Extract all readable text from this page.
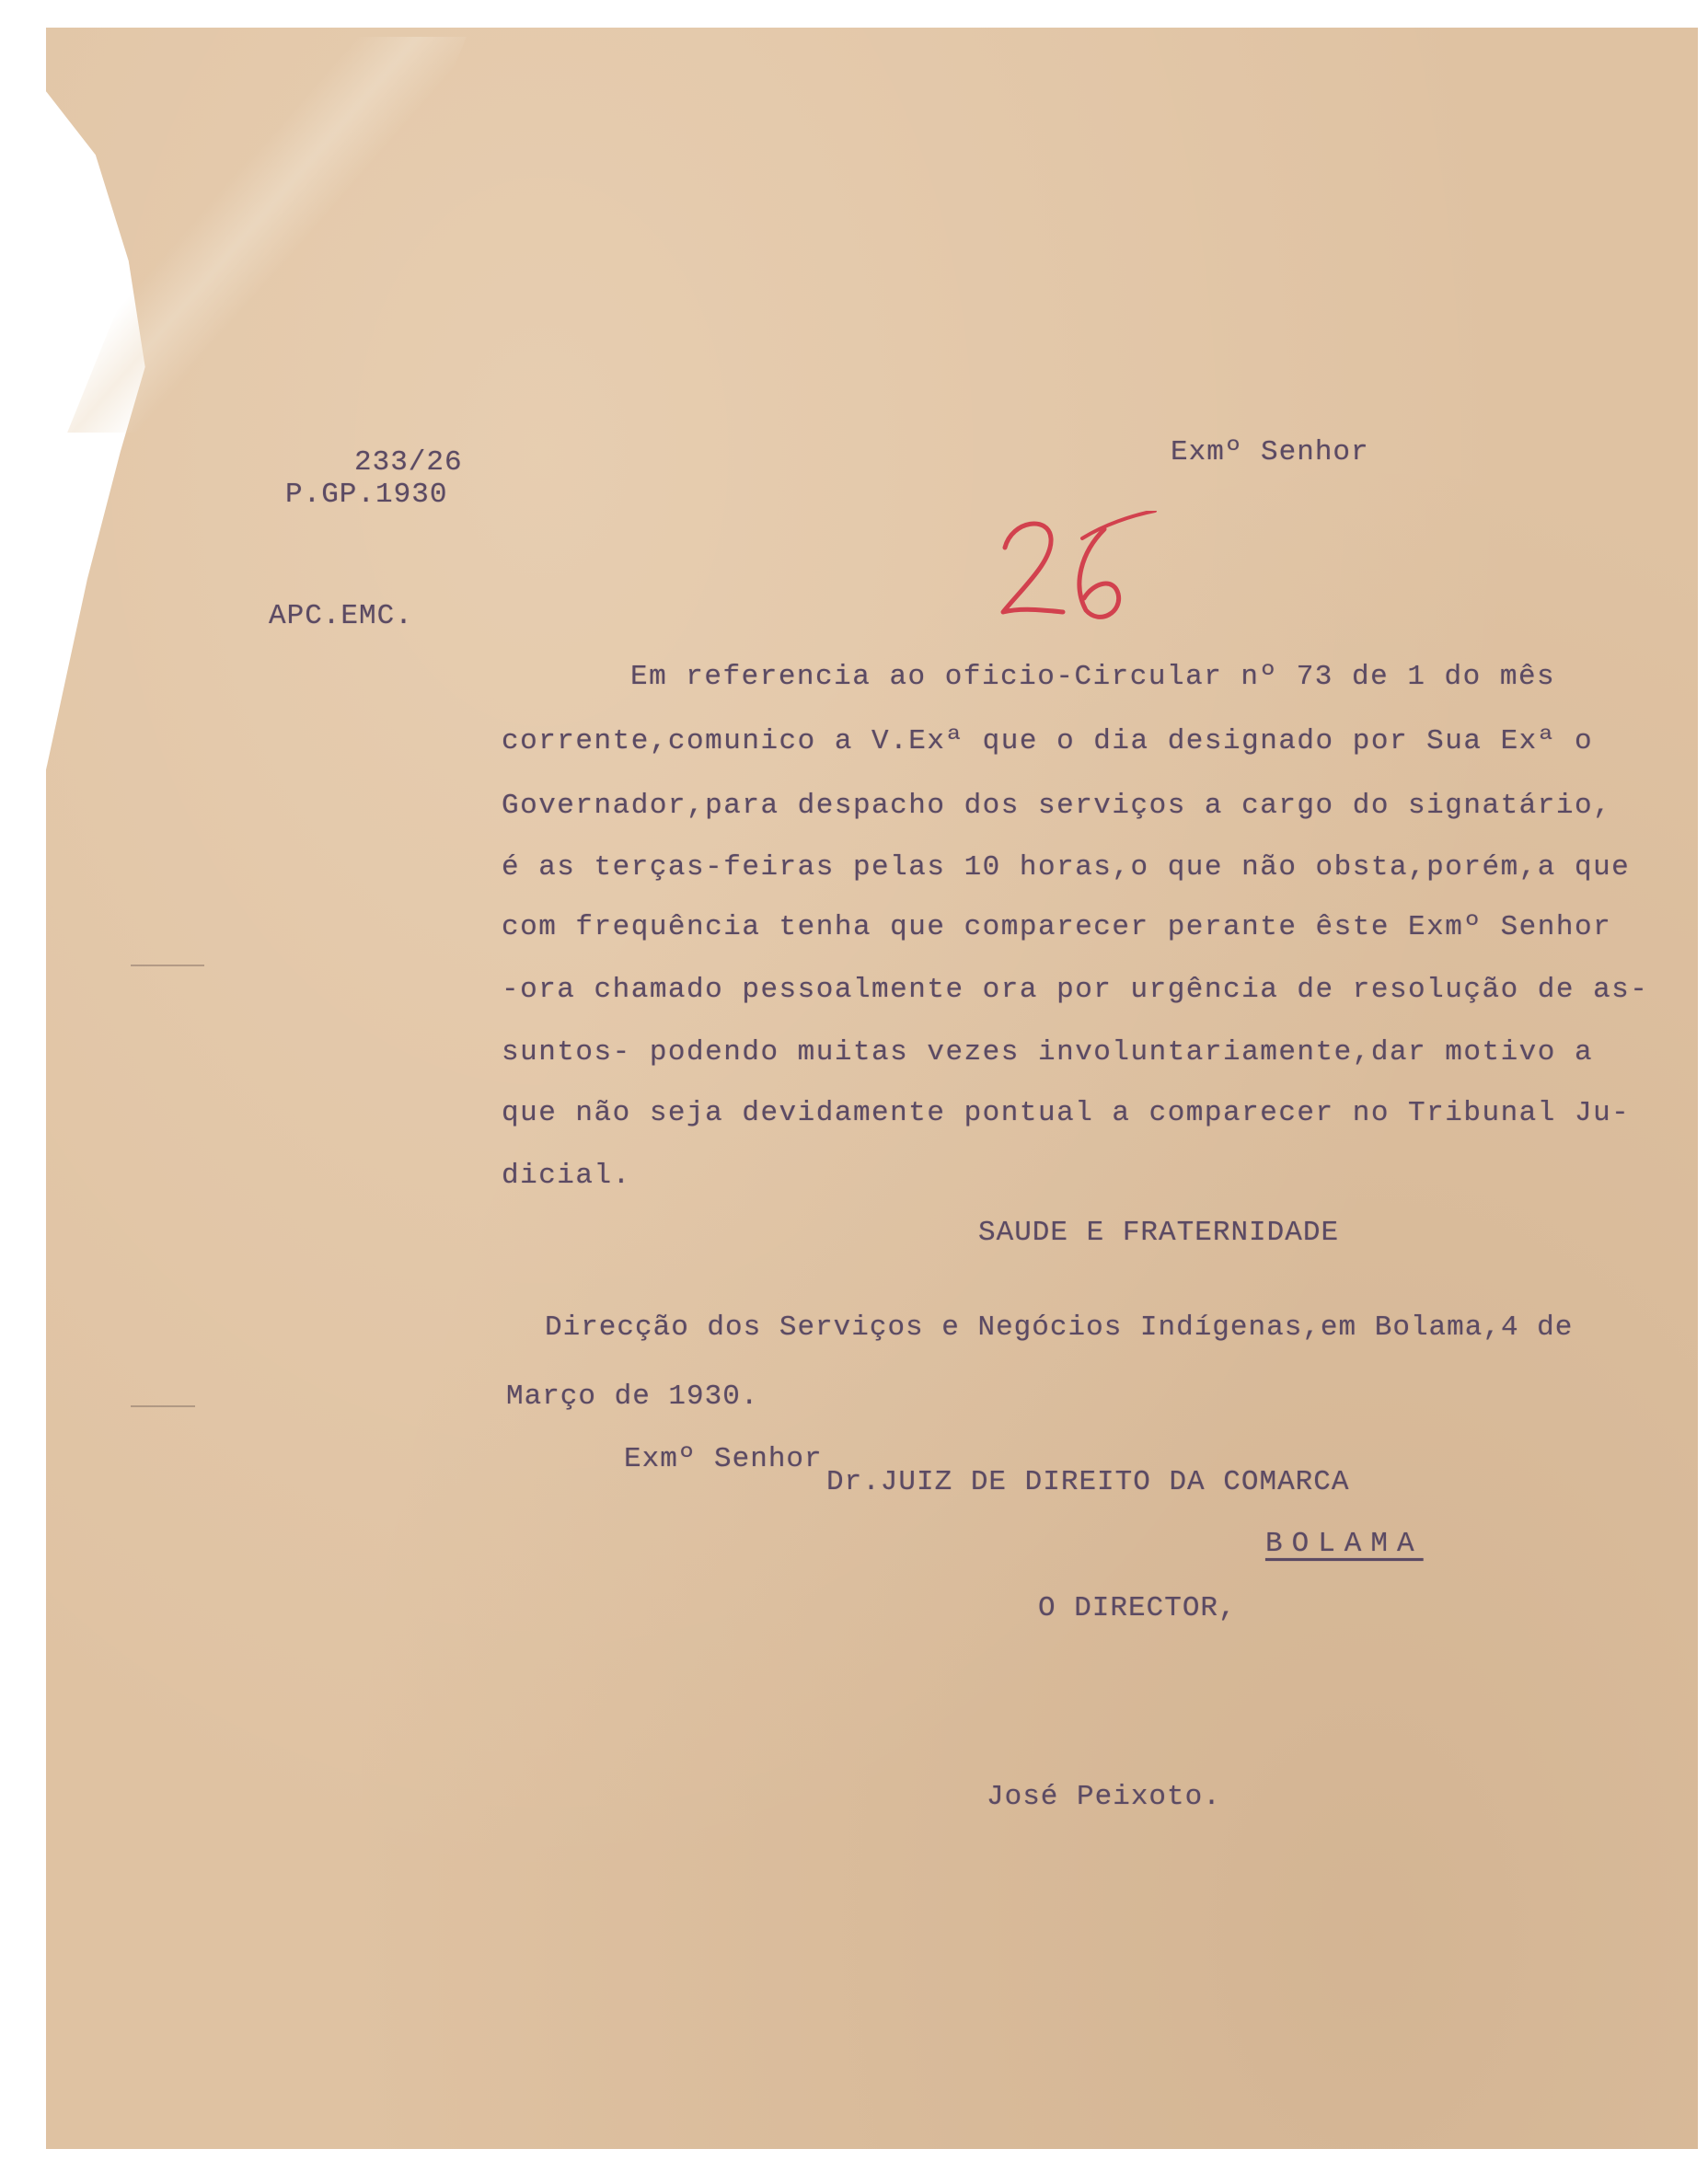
233/26
P.GP.1930
APC.EMC.
Exmº Senhor
Em referencia ao oficio-Circular nº 73 de 1 do mês
corrente,comunico a V.Exª que o dia designado por Sua Exª o
Governador,para despacho dos serviços a cargo do signatário,
é as terças-feiras pelas 10 horas,o que não obsta,porém,a que
com frequência tenha que comparecer perante êste Exmº Senhor
-ora chamado pessoalmente ora por urgência de resolução de as-
suntos- podendo muitas vezes involuntariamente,dar motivo a
que não seja devidamente pontual a comparecer no Tribunal Ju-
dicial.
SAUDE E FRATERNIDADE
Direcção dos Serviços e Negócios Indígenas,em Bolama,4 de
Março de 1930.
Exmº Senhor
Dr.JUIZ DE DIREITO DA COMARCA
BOLAMA
O DIRECTOR,
José Peixoto.
